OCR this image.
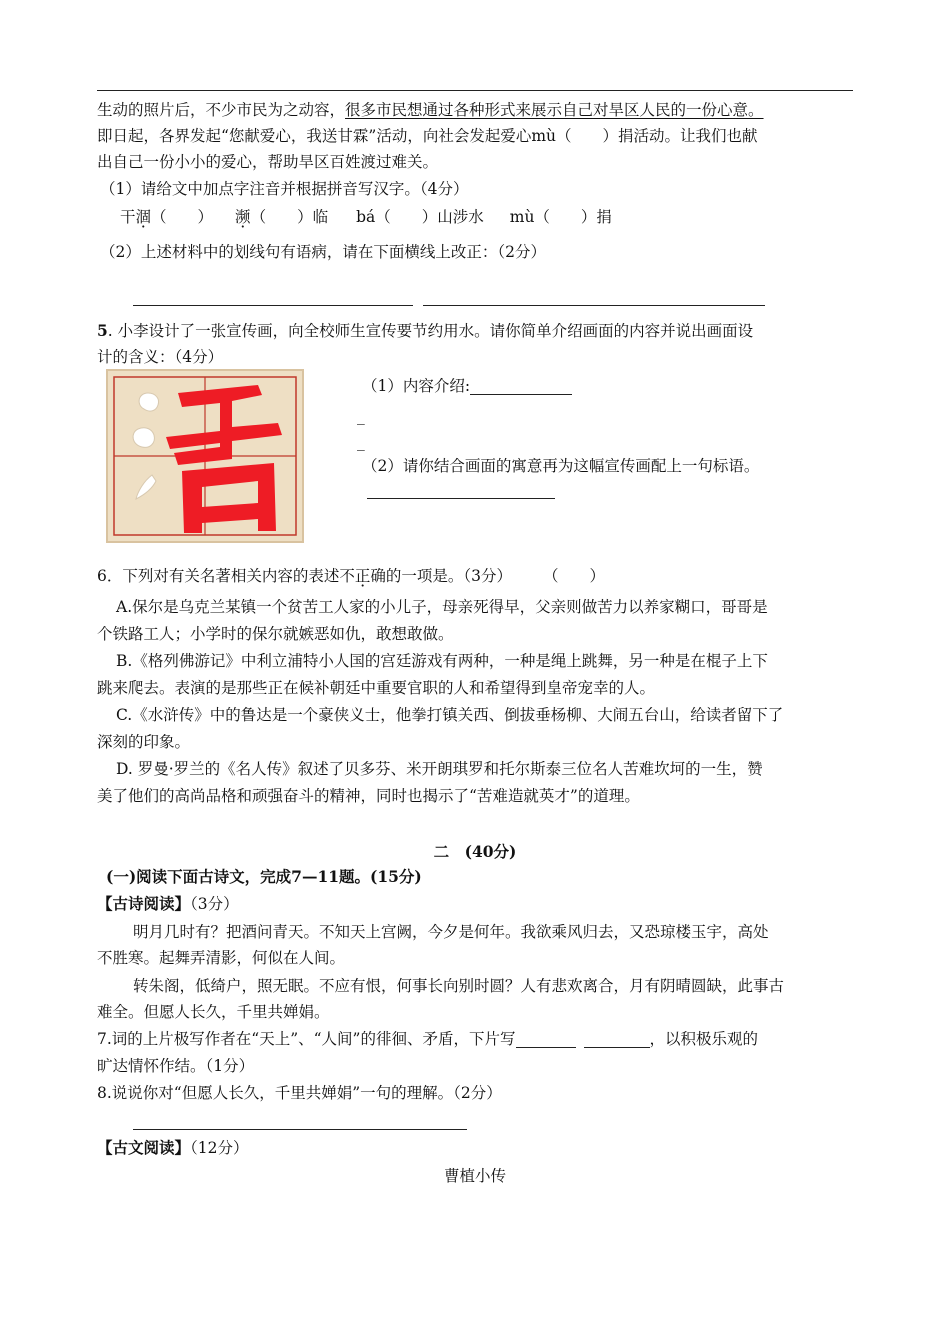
生动的照片后，不少市民为之动容，很多市民想通过各种形式来展示自己对旱区人民的一份心意。
即日起，各界发起“您献爱心，我送甘霖”活动，向社会发起爱心mù（　　）捐活动。让我们也献
出自己一份小小的爱心，帮助旱区百姓渡过难关。
（1）请给文中加点字注音并根据拼音写汉字。（4分）
干涸（　　） 濒（　　）临 bá（　　）山涉水 mù（　　）捐
（2）上述材料中的划线句有语病，请在下面横线上改正：（2分）
5. 小李设计了一张宣传画，向全校师生宣传要节约用水。请你简单介绍画面的内容并说出画面设
计的含义：（4分）
（1）内容介绍:
_
_
（2）请你结合画面的寓意再为这幅宣传画配上一句标语。
6．下列对有关名著相关内容的表述不正确的一项是。（3分）　　　（　　）
A.保尔是乌克兰某镇一个贫苦工人家的小儿子，母亲死得早，父亲则做苦力以养家糊口，哥哥是
个铁路工人；小学时的保尔就嫉恶如仇，敢想敢做。
B.《格列佛游记》中利立浦特小人国的宫廷游戏有两种，一种是绳上跳舞，另一种是在棍子上下
跳来爬去。表演的是那些正在候补朝廷中重要官职的人和希望得到皇帝宠幸的人。
C.《水浒传》中的鲁达是一个豪侠义士，他拳打镇关西、倒拔垂杨柳、大闹五台山，给读者留下了
深刻的印象。
D. 罗曼·罗兰的《名人传》叙述了贝多芬、米开朗琪罗和托尔斯泰三位名人苦难坎坷的一生，赞
美了他们的高尚品格和顽强奋斗的精神，同时也揭示了“苦难造就英才”的道理。
二　(40分)
(一)阅读下面古诗文，完成7—11题。(15分)
【古诗阅读】（3分）
明月几时有？把酒问青天。不知天上宫阙，今夕是何年。我欲乘风归去，又恐琼楼玉宇，高处
不胜寒。起舞弄清影，何似在人间。
转朱阁，低绮户，照无眠。不应有恨，何事长向别时圆？人有悲欢离合，月有阴晴圆缺，此事古
难全。但愿人长久，千里共婵娟。
7.词的上片极写作者在“天上”、“人间”的徘徊、矛盾，下片写	，以积极乐观的
旷达情怀作结。（1分）
8.说说你对“但愿人长久，千里共婵娟”一句的理解。（2分）
【古文阅读】（12分）
曹植小传
